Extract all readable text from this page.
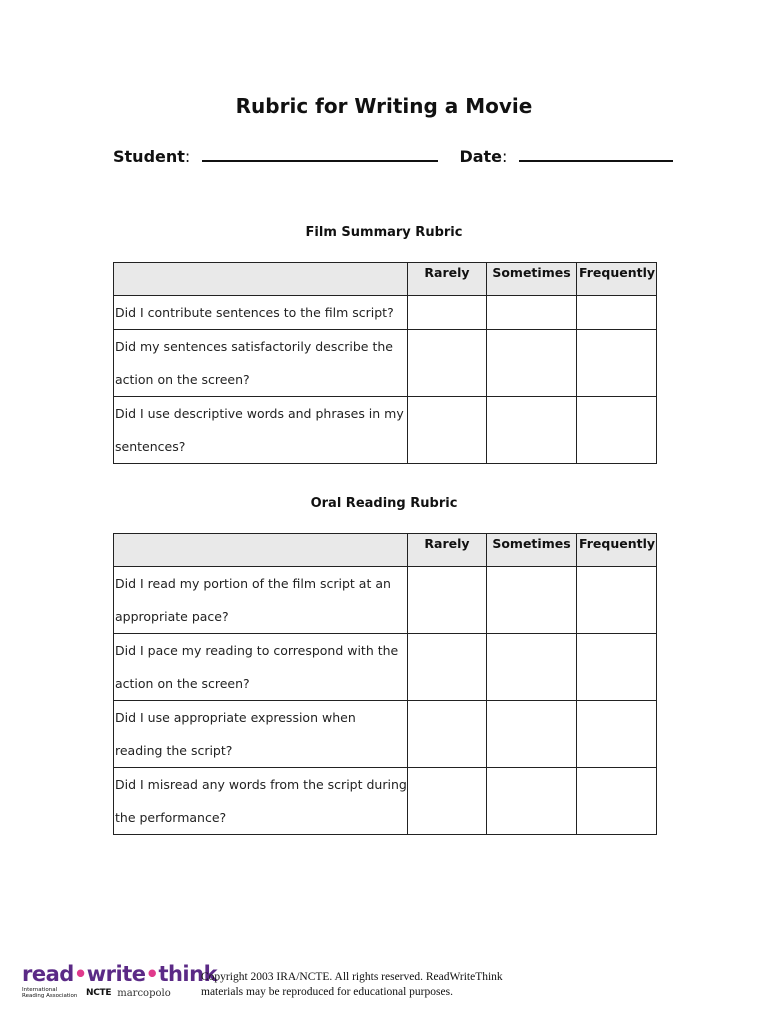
Rubric for Writing a Movie
Student:	Date:
Film Summary Rubric
	Rarely	Sometimes	Frequently
Did I contribute sentences to the film script?			
Did my sentences satisfactorily describe the action on the screen?			
Did I use descriptive words and phrases in my sentences?			
Oral Reading Rubric
	Rarely	Sometimes	Frequently
Did I read my portion of the film script at an appropriate pace?			
Did I pace my reading to correspond with the action on the screen?			
Did I use appropriate expression when reading the script?			
Did I misread any words from the script during the performance?			
read•write•think
International Reading Association NCTE marcopolo
Copyright 2003 IRA/NCTE. All rights reserved. ReadWriteThink
materials may be reproduced for educational purposes.
